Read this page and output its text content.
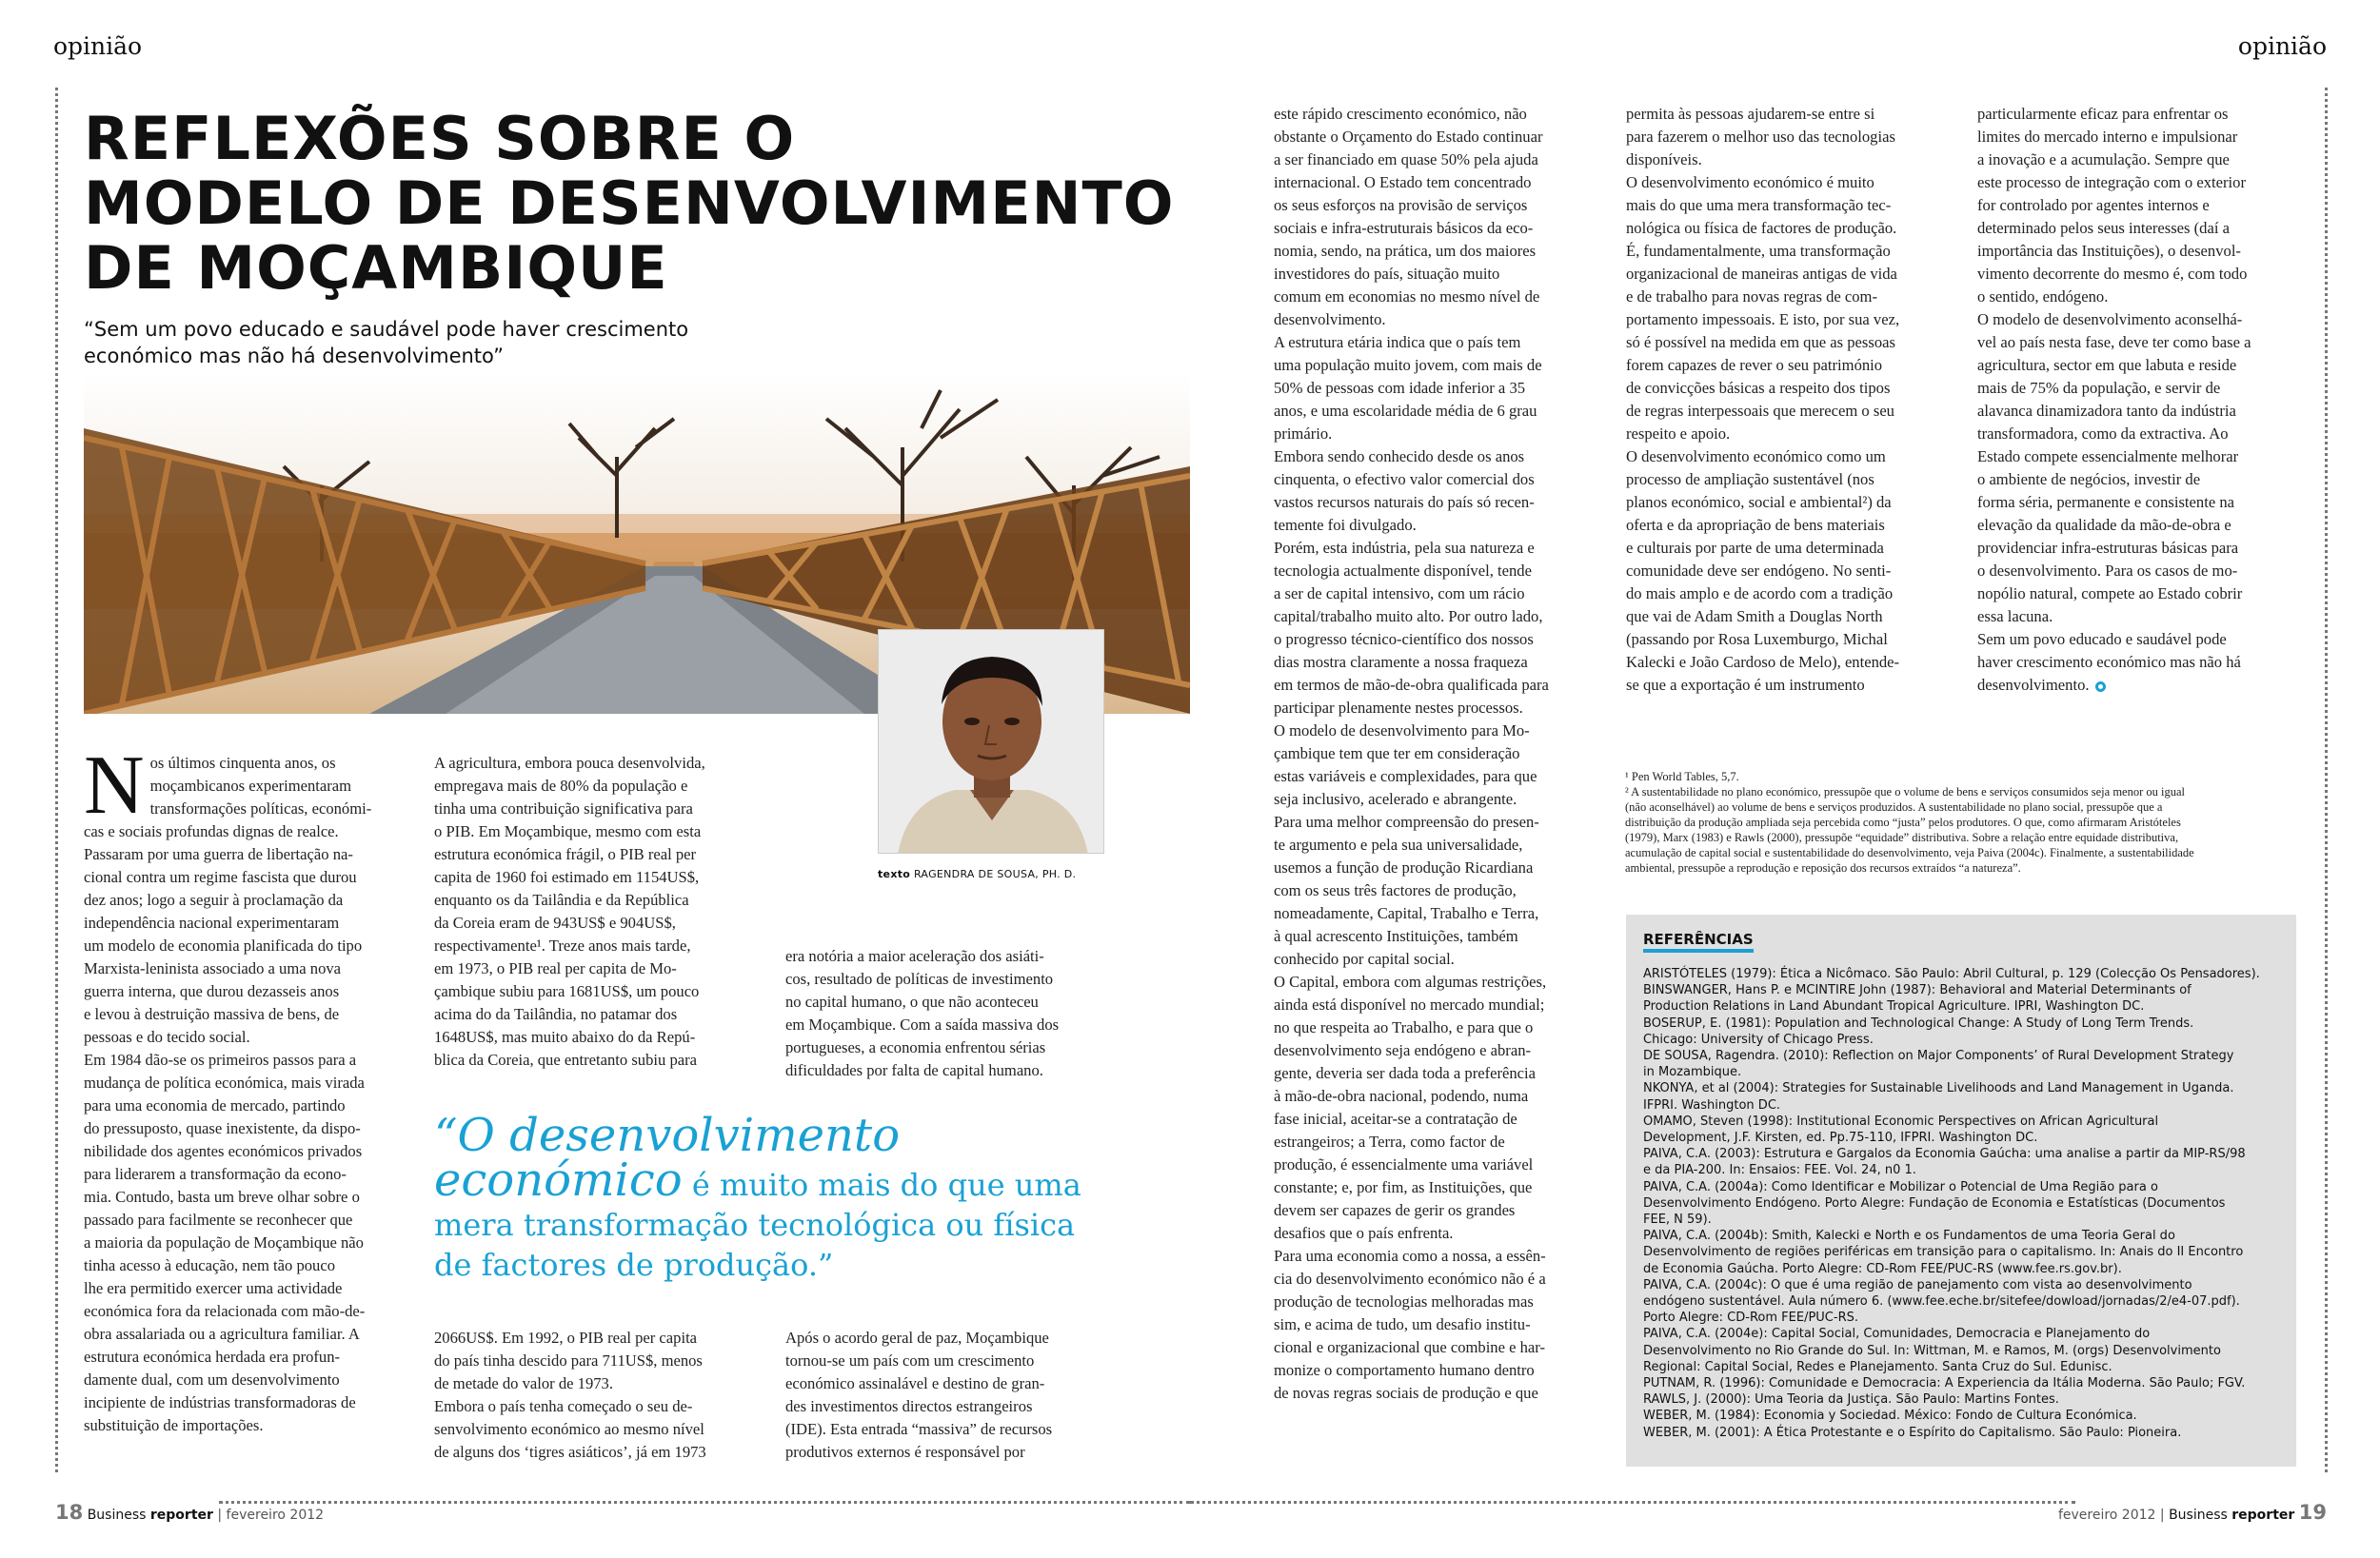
opinião
REFLEXÕES SOBRE O
MODELO DE DESENVOLVIMENTO
DE MOÇAMBIQUE
“Sem um povo educado e saudável pode haver crescimento
económico mas não há desenvolvimento”
texto RAGENDRA DE SOUSA, PH. D.
N os últimos cinquenta anos, os
moçambicanos experimentaram
transformações políticas, económi-
cas e sociais profundas dignas de realce.
Passaram por uma guerra de libertação na-
cional contra um regime fascista que durou
dez anos; logo a seguir à proclamação da
independência nacional experimentaram
um modelo de economia planificada do tipo
Marxista-leninista associado a uma nova
guerra interna, que durou dezasseis anos
e levou à destruição massiva de bens, de
pessoas e do tecido social.
Em 1984 dão-se os primeiros passos para a
mudança de política económica, mais virada
para uma economia de mercado, partindo
do pressuposto, quase inexistente, da dispo-
nibilidade dos agentes económicos privados
para liderarem a transformação da econo-
mia. Contudo, basta um breve olhar sobre o
passado para facilmente se reconhecer que
a maioria da população de Moçambique não
tinha acesso à educação, nem tão pouco
lhe era permitido exercer uma actividade
económica fora da relacionada com mão-de-
obra assalariada ou a agricultura familiar. A
estrutura económica herdada era profun-
damente dual, com um desenvolvimento
incipiente de indústrias transformadoras de
substituição de importações.
A agricultura, embora pouca desenvolvida,
empregava mais de 80% da população e
tinha uma contribuição significativa para
o PIB. Em Moçambique, mesmo com esta
estrutura económica frágil, o PIB real per
capita de 1960 foi estimado em 1154US$,
enquanto os da Tailândia e da República
da Coreia eram de 943US$ e 904US$,
respectivamente¹. Treze anos mais tarde,
em 1973, o PIB real per capita de Mo-
çambique subiu para 1681US$, um pouco
acima do da Tailândia, no patamar dos
1648US$, mas muito abaixo do da Repú-
blica da Coreia, que entretanto subiu para
era notória a maior aceleração dos asiáti-
cos, resultado de políticas de investimento
no capital humano, o que não aconteceu
em Moçambique. Com a saída massiva dos
portugueses, a economia enfrentou sérias
dificuldades por falta de capital humano.
“O desenvolvimento económico é muito mais do que uma mera transformação tecnológica ou física de factores de produção.”
2066US$. Em 1992, o PIB real per capita
do país tinha descido para 711US$, menos
de metade do valor de 1973.
Embora o país tenha começado o seu de-
senvolvimento económico ao mesmo nível
de alguns dos ‘tigres asiáticos’, já em 1973
Após o acordo geral de paz, Moçambique
tornou-se um país com um crescimento
económico assinalável e destino de gran-
des investimentos directos estrangeiros
(IDE). Esta entrada “massiva” de recursos
produtivos externos é responsável por
18 Business reporter | fevereiro 2012
opinião
este rápido crescimento económico, não
obstante o Orçamento do Estado continuar
a ser financiado em quase 50% pela ajuda
internacional. O Estado tem concentrado
os seus esforços na provisão de serviços
sociais e infra-estruturais básicos da eco-
nomia, sendo, na prática, um dos maiores
investidores do país, situação muito
comum em economias no mesmo nível de
desenvolvimento.
A estrutura etária indica que o país tem
uma população muito jovem, com mais de
50% de pessoas com idade inferior a 35
anos, e uma escolaridade média de 6 grau
primário.
Embora sendo conhecido desde os anos
cinquenta, o efectivo valor comercial dos
vastos recursos naturais do país só recen-
temente foi divulgado.
Porém, esta indústria, pela sua natureza e
tecnologia actualmente disponível, tende
a ser de capital intensivo, com um rácio
capital/trabalho muito alto. Por outro lado,
o progresso técnico-científico dos nossos
dias mostra claramente a nossa fraqueza
em termos de mão-de-obra qualificada para
participar plenamente nestes processos.
O modelo de desenvolvimento para Mo-
çambique tem que ter em consideração
estas variáveis e complexidades, para que
seja inclusivo, acelerado e abrangente.
Para uma melhor compreensão do presen-
te argumento e pela sua universalidade,
usemos a função de produção Ricardiana
com os seus três factores de produção,
nomeadamente, Capital, Trabalho e Terra,
à qual acrescento Instituições, também
conhecido por capital social.
O Capital, embora com algumas restrições,
ainda está disponível no mercado mundial;
no que respeita ao Trabalho, e para que o
desenvolvimento seja endógeno e abran-
gente, deveria ser dada toda a preferência
à mão-de-obra nacional, podendo, numa
fase inicial, aceitar-se a contratação de
estrangeiros; a Terra, como factor de
produção, é essencialmente uma variável
constante; e, por fim, as Instituições, que
devem ser capazes de gerir os grandes
desafios que o país enfrenta.
Para uma economia como a nossa, a essên-
cia do desenvolvimento económico não é a
produção de tecnologias melhoradas mas
sim, e acima de tudo, um desafio institu-
cional e organizacional que combine e har-
monize o comportamento humano dentro
de novas regras sociais de produção e que
permita às pessoas ajudarem-se entre si
para fazerem o melhor uso das tecnologias
disponíveis.
O desenvolvimento económico é muito
mais do que uma mera transformação tec-
nológica ou física de factores de produção.
É, fundamentalmente, uma transformação
organizacional de maneiras antigas de vida
e de trabalho para novas regras de com-
portamento impessoais. E isto, por sua vez,
só é possível na medida em que as pessoas
forem capazes de rever o seu património
de convicções básicas a respeito dos tipos
de regras interpessoais que merecem o seu
respeito e apoio.
O desenvolvimento económico como um
processo de ampliação sustentável (nos
planos económico, social e ambiental²) da
oferta e da apropriação de bens materiais
e culturais por parte de uma determinada
comunidade deve ser endógeno. No senti-
do mais amplo e de acordo com a tradição
que vai de Adam Smith a Douglas North
(passando por Rosa Luxemburgo, Michal
Kalecki e João Cardoso de Melo), entende-
se que a exportação é um instrumento
particularmente eficaz para enfrentar os
limites do mercado interno e impulsionar
a inovação e a acumulação. Sempre que
este processo de integração com o exterior
for controlado por agentes internos e
determinado pelos seus interesses (daí a
importância das Instituições), o desenvol-
vimento decorrente do mesmo é, com todo
o sentido, endógeno.
O modelo de desenvolvimento aconselhá-
vel ao país nesta fase, deve ter como base a
agricultura, sector em que labuta e reside
mais de 75% da população, e servir de
alavanca dinamizadora tanto da indústria
transformadora, como da extractiva. Ao
Estado compete essencialmente melhorar
o ambiente de negócios, investir de
forma séria, permanente e consistente na
elevação da qualidade da mão-de-obra e
providenciar infra-estruturas básicas para
o desenvolvimento. Para os casos de mo-
nopólio natural, compete ao Estado cobrir
essa lacuna.
Sem um povo educado e saudável pode
haver crescimento económico mas não há
desenvolvimento.
¹ Pen World Tables, 5,7.
² A sustentabilidade no plano económico, pressupõe que o volume de bens e serviços consumidos seja menor ou igual
(não aconselhável) ao volume de bens e serviços produzidos. A sustentabilidade no plano social, pressupõe que a
distribuição da produção ampliada seja percebida como “justa” pelos produtores. O que, como afirmaram Aristóteles
(1979), Marx (1983) e Rawls (2000), pressupõe “equidade” distributiva. Sobre a relação entre equidade distributiva,
acumulação de capital social e sustentabilidade do desenvolvimento, veja Paiva (2004c). Finalmente, a sustentabilidade
ambiental, pressupõe a reprodução e reposição dos recursos extraídos “a natureza”.
REFERÊNCIAS
ARISTÓTELES (1979): Ética a Nicômaco. São Paulo: Abril Cultural, p. 129 (Colecção Os Pensadores).
BINSWANGER, Hans P. e MCINTIRE John (1987): Behavioral and Material Determinants of
Production Relations in Land Abundant Tropical Agriculture. IPRI, Washington DC.
BOSERUP, E. (1981): Population and Technological Change: A Study of Long Term Trends.
Chicago: University of Chicago Press.
DE SOUSA, Ragendra. (2010): Reflection on Major Components’ of Rural Development Strategy
in Mozambique.
NKONYA, et al (2004): Strategies for Sustainable Livelihoods and Land Management in Uganda.
IFPRI. Washington DC.
OMAMO, Steven (1998): Institutional Economic Perspectives on African Agricultural
Development, J.F. Kirsten, ed. Pp.75-110, IFPRI. Washington DC.
PAIVA, C.A. (2003): Estrutura e Gargalos da Economia Gaúcha: uma analise a partir da MIP-RS/98
e da PIA-200. In: Ensaios: FEE. Vol. 24, n0 1.
PAIVA, C.A. (2004a): Como Identificar e Mobilizar o Potencial de Uma Região para o
Desenvolvimento Endógeno. Porto Alegre: Fundação de Economia e Estatísticas (Documentos
FEE, N 59).
PAIVA, C.A. (2004b): Smith, Kalecki e North e os Fundamentos de uma Teoria Geral do
Desenvolvimento de regiões periféricas em transição para o capitalismo. In: Anais do II Encontro
de Economia Gaúcha. Porto Alegre: CD-Rom FEE/PUC-RS (www.fee.rs.gov.br).
PAIVA, C.A. (2004c): O que é uma região de panejamento com vista ao desenvolvimento
endógeno sustentável. Aula número 6. (www.fee.eche.br/sitefee/dowload/jornadas/2/e4-07.pdf).
Porto Alegre: CD-Rom FEE/PUC-RS.
PAIVA, C.A. (2004e): Capital Social, Comunidades, Democracia e Planejamento do
Desenvolvimento no Rio Grande do Sul. In: Wittman, M. e Ramos, M. (orgs) Desenvolvimento
Regional: Capital Social, Redes e Planejamento. Santa Cruz do Sul. Edunisc.
PUTNAM, R. (1996): Comunidade e Democracia: A Experiencia da Itália Moderna. São Paulo; FGV.
RAWLS, J. (2000): Uma Teoria da Justiça. São Paulo: Martins Fontes.
WEBER, M. (1984): Economia y Sociedad. México: Fondo de Cultura Económica.
WEBER, M. (2001): A Ética Protestante e o Espírito do Capitalismo. São Paulo: Pioneira.
fevereiro 2012 | Business reporter 19
